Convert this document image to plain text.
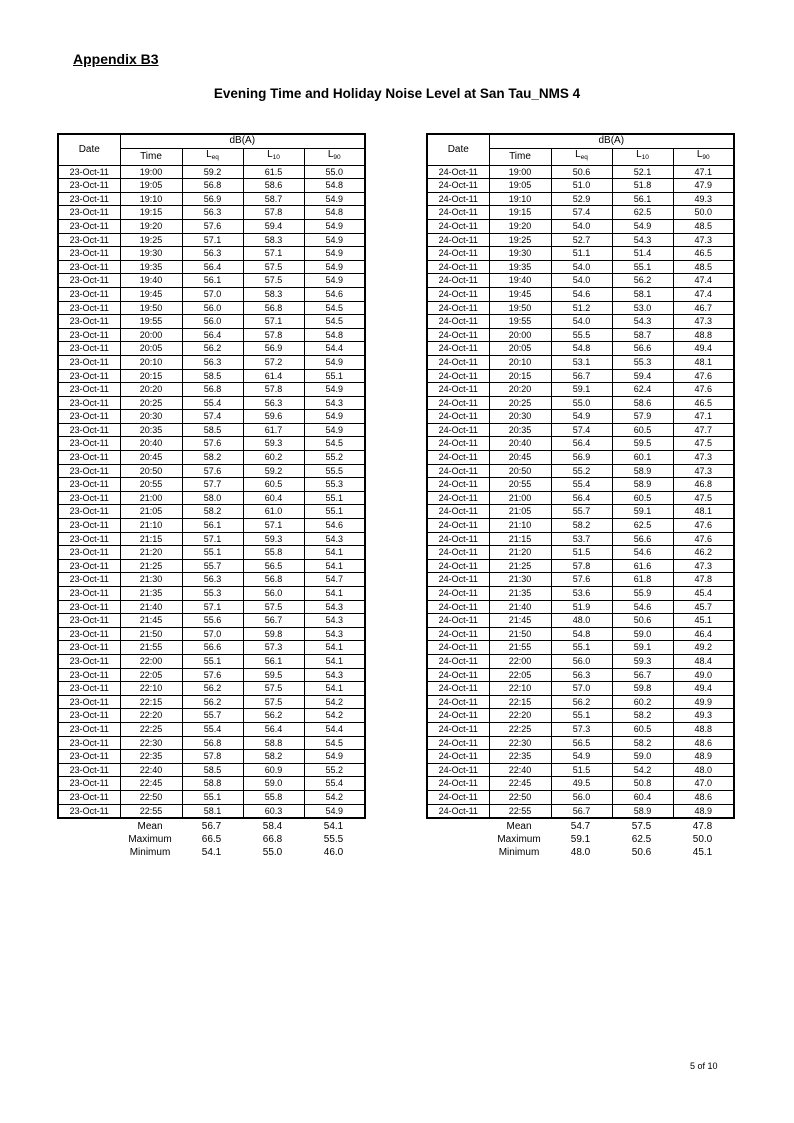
Appendix B3
Evening Time and Holiday Noise Level at San Tau_NMS 4
Date	dB(A)			
	Time	$L_{eq}$	$L_{10}$	$L_{90}$
23-Oct-11	19:00	59.2	61.5	55.0
23-Oct-11	19:05	56.8	58.6	54.8
23-Oct-11	19:10	56.9	58.7	54.9
23-Oct-11	19:15	56.3	57.8	54.8
23-Oct-11	19:20	57.6	59.4	54.9
23-Oct-11	19:25	57.1	58.3	54.9
23-Oct-11	19:30	56.3	57.1	54.9
23-Oct-11	19:35	56.4	57.5	54.9
23-Oct-11	19:40	56.1	57.5	54.9
23-Oct-11	19:45	57.0	58.3	54.6
23-Oct-11	19:50	56.0	56.8	54.5
23-Oct-11	19:55	56.0	57.1	54.5
23-Oct-11	20:00	56.4	57.8	54.8
23-Oct-11	20:05	56.2	56.9	54.4
23-Oct-11	20:10	56.3	57.2	54.9
23-Oct-11	20:15	58.5	61.4	55.1
23-Oct-11	20:20	56.8	57.8	54.9
23-Oct-11	20:25	55.4	56.3	54.3
23-Oct-11	20:30	57.4	59.6	54.9
23-Oct-11	20:35	58.5	61.7	54.9
23-Oct-11	20:40	57.6	59.3	54.5
23-Oct-11	20:45	58.2	60.2	55.2
23-Oct-11	20:50	57.6	59.2	55.5
23-Oct-11	20:55	57.7	60.5	55.3
23-Oct-11	21:00	58.0	60.4	55.1
23-Oct-11	21:05	58.2	61.0	55.1
23-Oct-11	21:10	56.1	57.1	54.6
23-Oct-11	21:15	57.1	59.3	54.3
23-Oct-11	21:20	55.1	55.8	54.1
23-Oct-11	21:25	55.7	56.5	54.1
23-Oct-11	21:30	56.3	56.8	54.7
23-Oct-11	21:35	55.3	56.0	54.1
23-Oct-11	21:40	57.1	57.5	54.3
23-Oct-11	21:45	55.6	56.7	54.3
23-Oct-11	21:50	57.0	59.8	54.3
23-Oct-11	21:55	56.6	57.3	54.1
23-Oct-11	22:00	55.1	56.1	54.1
23-Oct-11	22:05	57.6	59.5	54.3
23-Oct-11	22:10	56.2	57.5	54.1
23-Oct-11	22:15	56.2	57.5	54.2
23-Oct-11	22:20	55.7	56.2	54.2
23-Oct-11	22:25	55.4	56.4	54.4
23-Oct-11	22:30	56.8	58.8	54.5
23-Oct-11	22:35	57.8	58.2	54.9
23-Oct-11	22:40	58.5	60.9	55.2
23-Oct-11	22:45	58.8	59.0	55.4
23-Oct-11	22:50	55.1	55.8	54.2
23-Oct-11	22:55	58.1	60.3	54.9
Mean	56.7	58.4	54.1
Maximum	66.5	66.8	55.5
Minimum	54.1	55.0	46.0
Date	dB(A)			
	Time	$L_{eq}$	$L_{10}$	$L_{90}$
24-Oct-11	19:00	50.6	52.1	47.1
24-Oct-11	19:05	51.0	51.8	47.9
24-Oct-11	19:10	52.9	56.1	49.3
24-Oct-11	19:15	57.4	62.5	50.0
24-Oct-11	19:20	54.0	54.9	48.5
24-Oct-11	19:25	52.7	54.3	47.3
24-Oct-11	19:30	51.1	51.4	46.5
24-Oct-11	19:35	54.0	55.1	48.5
24-Oct-11	19:40	54.0	56.2	47.4
24-Oct-11	19:45	54.6	58.1	47.4
24-Oct-11	19:50	51.2	53.0	46.7
24-Oct-11	19:55	54.0	54.3	47.3
24-Oct-11	20:00	55.5	58.7	48.8
24-Oct-11	20:05	54.8	56.6	49.4
24-Oct-11	20:10	53.1	55.3	48.1
24-Oct-11	20:15	56.7	59.4	47.6
24-Oct-11	20:20	59.1	62.4	47.6
24-Oct-11	20:25	55.0	58.6	46.5
24-Oct-11	20:30	54.9	57.9	47.1
24-Oct-11	20:35	57.4	60.5	47.7
24-Oct-11	20:40	56.4	59.5	47.5
24-Oct-11	20:45	56.9	60.1	47.3
24-Oct-11	20:50	55.2	58.9	47.3
24-Oct-11	20:55	55.4	58.9	46.8
24-Oct-11	21:00	56.4	60.5	47.5
24-Oct-11	21:05	55.7	59.1	48.1
24-Oct-11	21:10	58.2	62.5	47.6
24-Oct-11	21:15	53.7	56.6	47.6
24-Oct-11	21:20	51.5	54.6	46.2
24-Oct-11	21:25	57.8	61.6	47.3
24-Oct-11	21:30	57.6	61.8	47.8
24-Oct-11	21:35	53.6	55.9	45.4
24-Oct-11	21:40	51.9	54.6	45.7
24-Oct-11	21:45	48.0	50.6	45.1
24-Oct-11	21:50	54.8	59.0	46.4
24-Oct-11	21:55	55.1	59.1	49.2
24-Oct-11	22:00	56.0	59.3	48.4
24-Oct-11	22:05	56.3	56.7	49.0
24-Oct-11	22:10	57.0	59.8	49.4
24-Oct-11	22:15	56.2	60.2	49.9
24-Oct-11	22:20	55.1	58.2	49.3
24-Oct-11	22:25	57.3	60.5	48.8
24-Oct-11	22:30	56.5	58.2	48.6
24-Oct-11	22:35	54.9	59.0	48.9
24-Oct-11	22:40	51.5	54.2	48.0
24-Oct-11	22:45	49.5	50.8	47.0
24-Oct-11	22:50	56.0	60.4	48.6
24-Oct-11	22:55	56.7	58.9	48.9
Mean	54.7	57.5	47.8
Maximum	59.1	62.5	50.0
Minimum	48.0	50.6	45.1
5 of 10
